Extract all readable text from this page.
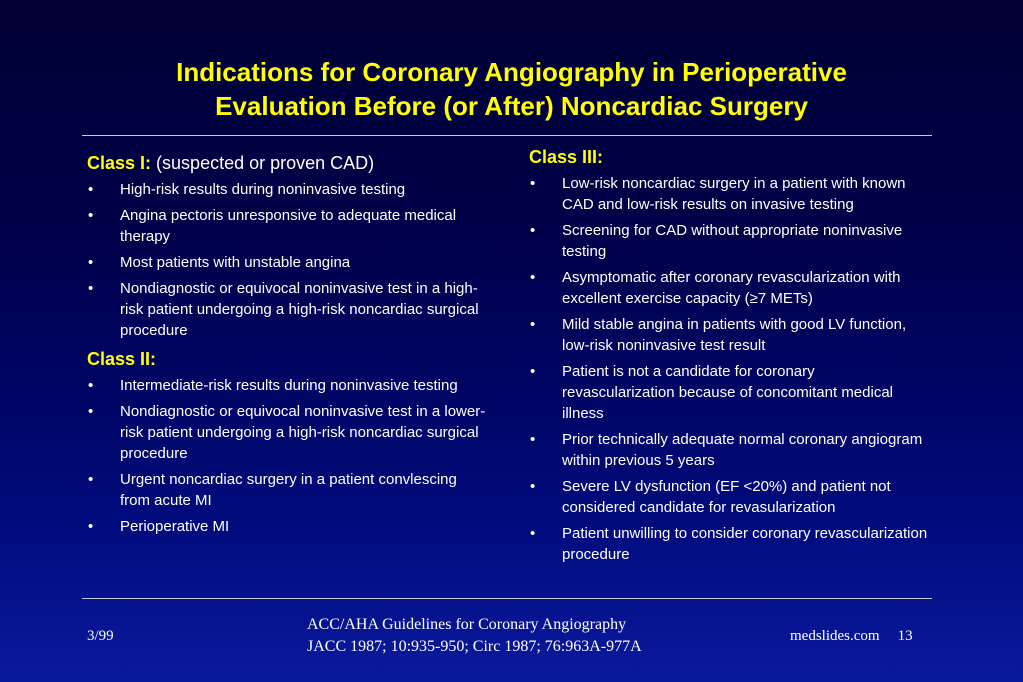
Indications for Coronary Angiography in Perioperative
Evaluation Before (or After) Noncardiac Surgery
Class I: (suspected or proven CAD)
• High-risk results during noninvasive testing
• Angina pectoris unresponsive to adequate medical therapy
• Most patients with unstable angina
• Nondiagnostic or equivocal noninvasive test in a high-risk patient undergoing a high-risk noncardiac surgical procedure
Class II:
• Intermediate-risk results during noninvasive testing
• Nondiagnostic or equivocal noninvasive test in a lower-risk patient undergoing a high-risk noncardiac surgical procedure
• Urgent noncardiac surgery in a patient convlescing from acute MI
• Perioperative MI
Class III:
• Low-risk noncardiac surgery in a patient with known CAD and low-risk results on invasive testing
• Screening for CAD without appropriate noninvasive testing
• Asymptomatic after coronary revascularization with excellent exercise capacity (≥7 METs)
• Mild stable angina in patients with good LV function, low-risk noninvasive test result
• Patient is not a candidate for coronary revascularization because of concomitant medical illness
• Prior technically adequate normal coronary angiogram within previous 5 years
• Severe LV dysfunction (EF <20%) and patient not considered candidate for revasularization
• Patient unwilling to consider coronary revascularization procedure
3/99
ACC/AHA Guidelines for Coronary Angiography
JACC 1987; 10:935-950; Circ 1987; 76:963A-977A
medslides.com 13
